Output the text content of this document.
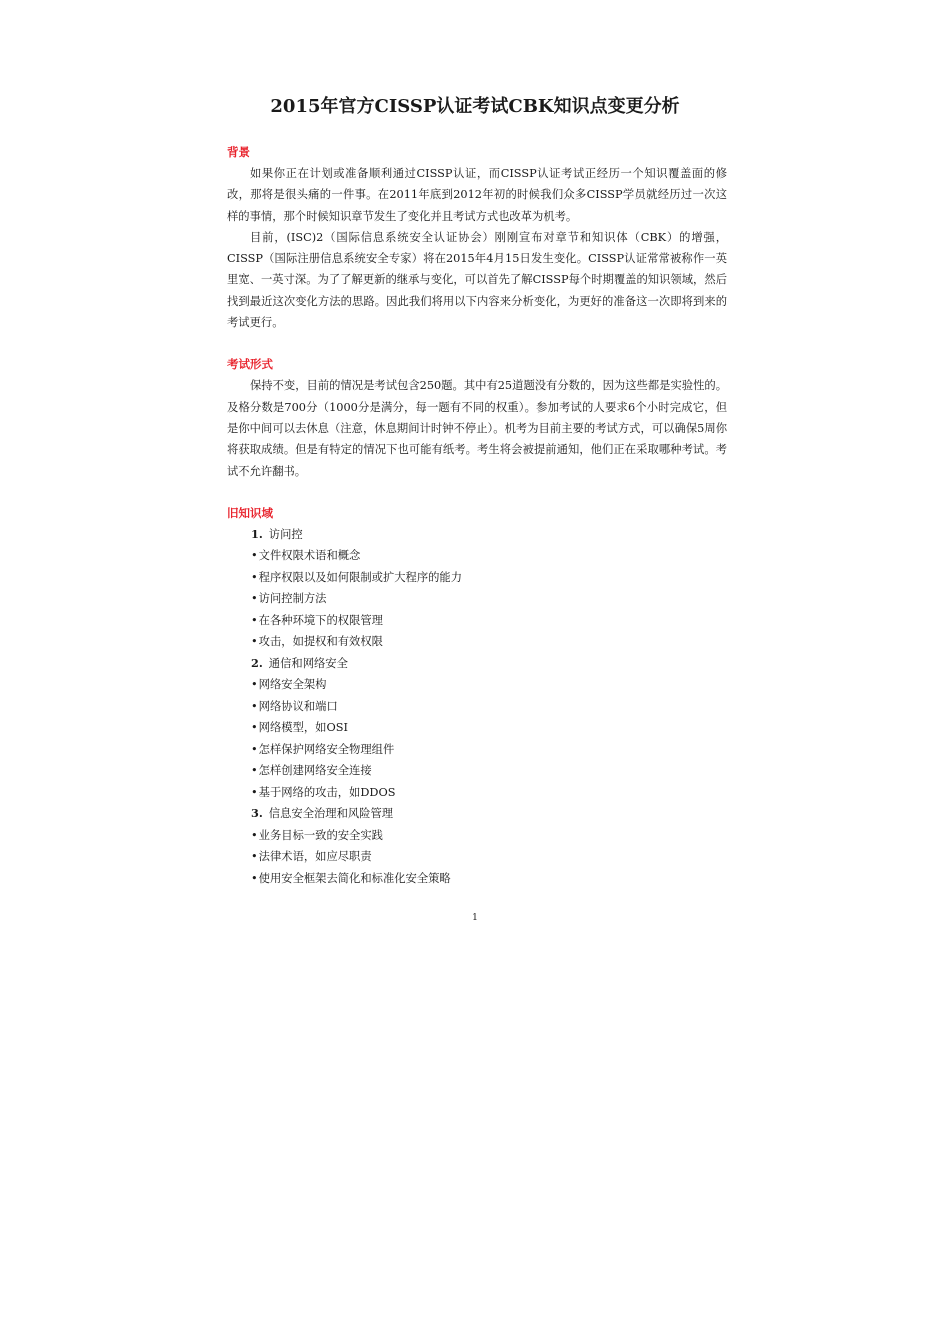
2015年官方CISSP认证考试CBK知识点变更分析
背景

如果你正在计划或准备顺利通过CISSP认证，而CISSP认证考试正经历一个知识覆盖面的修改，那将是很头痛的一件事。在2011年底到2012年初的时候我们众多CISSP学员就经历过一次这样的事情，那个时候知识章节发生了变化并且考试方式也改革为机考。

目前，(ISC)2（国际信息系统安全认证协会）刚刚宣布对章节和知识体（CBK）的增强，CISSP（国际注册信息系统安全专家）将在2015年4月15日发生变化。CISSP认证常常被称作一英里宽、一英寸深。为了了解更新的继承与变化，可以首先了解CISSP每个时期覆盖的知识领域，然后找到最近这次变化方法的思路。因此我们将用以下内容来分析变化，为更好的准备这一次即将到来的考试更行。

考试形式

保持不变，目前的情况是考试包含250题。其中有25道题没有分数的，因为这些都是实验性的。及格分数是700分（1000分是满分，每一题有不同的权重）。参加考试的人要求6个小时完成它，但是你中间可以去休息（注意，休息期间计时钟不停止）。机考为目前主要的考试方式，可以确保5周你将获取成绩。但是有特定的情况下也可能有纸考。考生将会被提前通知，他们正在采取哪种考试。考试不允许翻书。

旧知识域
1. 访问控
•文件权限术语和概念
•程序权限以及如何限制或扩大程序的能力
•访问控制方法
•在各种环境下的权限管理
•攻击，如提权和有效权限
2. 通信和网络安全
•网络安全架构
•网络协议和端口
•网络模型，如OSI
•怎样保护网络安全物理组件
•怎样创建网络安全连接
•基于网络的攻击，如DDOS
3. 信息安全治理和风险管理
•业务目标一致的安全实践
•法律术语，如应尽职责
•使用安全框架去简化和标准化安全策略
1
